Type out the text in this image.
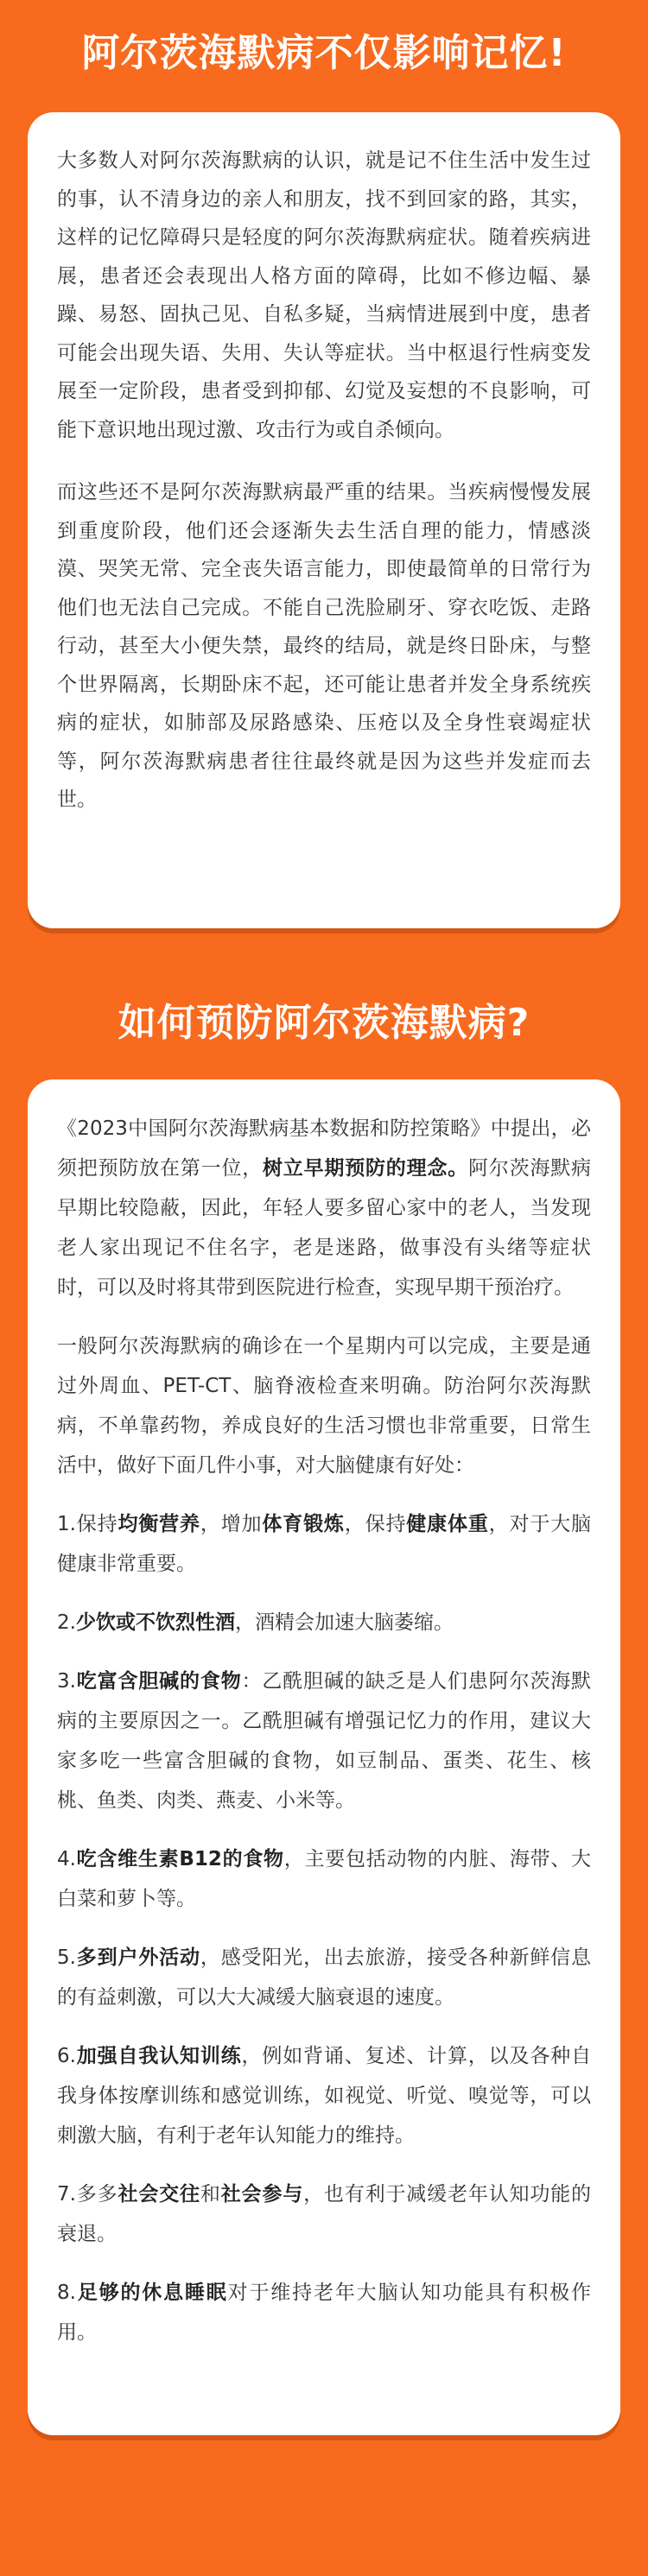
阿尔茨海默病不仅影响记忆!

大多数人对阿尔茨海默病的认识，就是记不住生活中发生过的事，认不清身边的亲人和朋友，找不到回家的路，其实，这样的记忆障碍只是轻度的阿尔茨海默病症状。随着疾病进展，患者还会表现出人格方面的障碍，比如不修边幅、暴躁、易怒、固执己见、自私多疑，当病情进展到中度，患者可能会出现失语、失用、失认等症状。当中枢退行性病变发展至一定阶段，患者受到抑郁、幻觉及妄想的不良影响，可能下意识地出现过激、攻击行为或自杀倾向。

而这些还不是阿尔茨海默病最严重的结果。当疾病慢慢发展到重度阶段，他们还会逐渐失去生活自理的能力，情感淡漠、哭笑无常、完全丧失语言能力，即使最简单的日常行为他们也无法自己完成。不能自己洗脸刷牙、穿衣吃饭、走路行动，甚至大小便失禁，最终的结局，就是终日卧床，与整个世界隔离，长期卧床不起，还可能让患者并发全身系统疾病的症状，如肺部及尿路感染、压疮以及全身性衰竭症状等，阿尔茨海默病患者往往最终就是因为这些并发症而去世。

如何预防阿尔茨海默病?

《2023中国阿尔茨海默病基本数据和防控策略》中提出，必须把预防放在第一位，树立早期预防的理念。阿尔茨海默病早期比较隐蔽，因此，年轻人要多留心家中的老人，当发现老人家出现记不住名字，老是迷路，做事没有头绪等症状时，可以及时将其带到医院进行检查，实现早期干预治疗。

一般阿尔茨海默病的确诊在一个星期内可以完成，主要是通过外周血、PET-CT、脑脊液检查来明确。防治阿尔茨海默病，不单靠药物，养成良好的生活习惯也非常重要，日常生活中，做好下面几件小事，对大脑健康有好处：

1.保持均衡营养，增加体育锻炼，保持健康体重，对于大脑健康非常重要。

2.少饮或不饮烈性酒，酒精会加速大脑萎缩。

3.吃富含胆碱的食物：乙酰胆碱的缺乏是人们患阿尔茨海默病的主要原因之一。乙酰胆碱有增强记忆力的作用，建议大家多吃一些富含胆碱的食物，如豆制品、蛋类、花生、核桃、鱼类、肉类、燕麦、小米等。

4.吃含维生素B12的食物，主要包括动物的内脏、海带、大白菜和萝卜等。

5.多到户外活动，感受阳光，出去旅游，接受各种新鲜信息的有益刺激，可以大大减缓大脑衰退的速度。

6.加强自我认知训练，例如背诵、复述、计算，以及各种自我身体按摩训练和感觉训练，如视觉、听觉、嗅觉等，可以刺激大脑，有利于老年认知能力的维持。

7.多多社会交往和社会参与，也有利于减缓老年认知功能的衰退。

8.足够的休息睡眠对于维持老年大脑认知功能具有积极作用。
